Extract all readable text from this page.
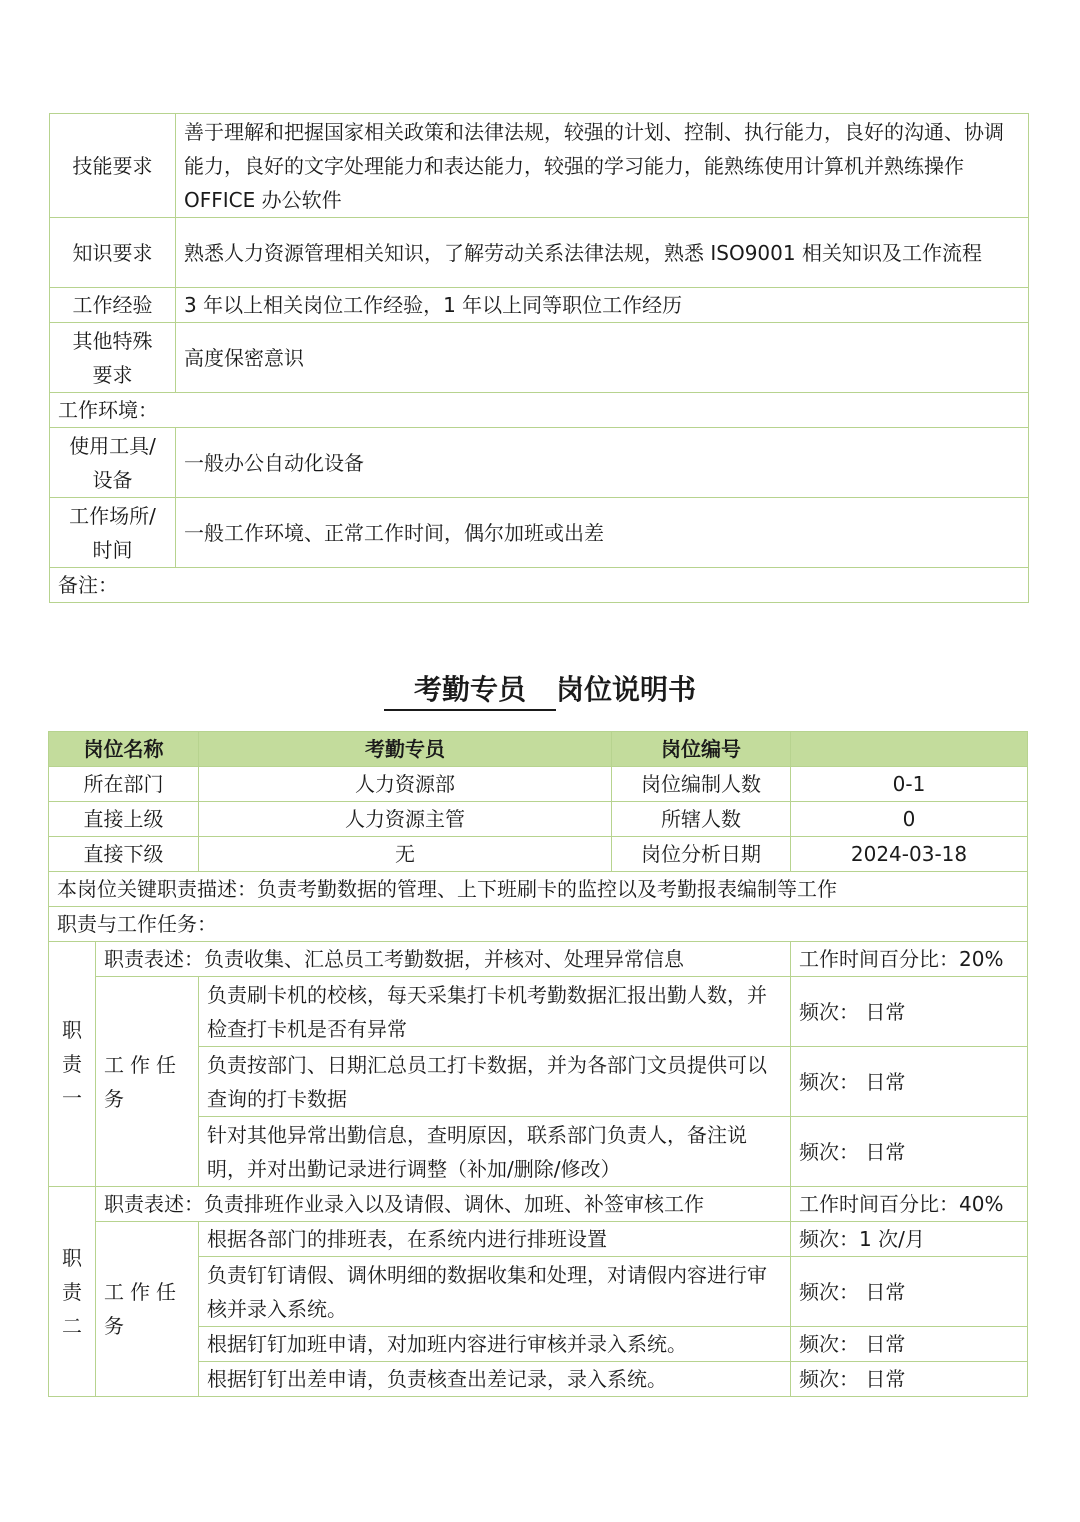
技能要求	善于理解和把握国家相关政策和法律法规，较强的计划、控制、执行能力，良好的沟通、协调能力，良好的文字处理能力和表达能力，较强的学习能力，能熟练使用计算机并熟练操作 OFFICE 办公软件
知识要求	熟悉人力资源管理相关知识，了解劳动关系法律法规，熟悉 ISO9001 相关知识及工作流程
工作经验	3 年以上相关岗位工作经验，1 年以上同等职位工作经历
其他特殊要求	高度保密意识
工作环境：	
使用工具/设备	一般办公自动化设备
工作场所/时间	一般工作环境、正常工作时间，偶尔加班或出差
备注：	
考勤专员 岗位说明书
岗位名称		考勤专员	岗位编号	
所在部门		人力资源部	岗位编制人数	0-1
直接上级		人力资源主管	所辖人数	0
直接下级		无	岗位分析日期	2024-03-18
本岗位关键职责描述：负责考勤数据的管理、上下班刷卡的监控以及考勤报表编制等工作				
职责与工作任务：				

职责一	职责表述：负责收集、汇总员工考勤数据，并核对、处理异常信息			工作时间百分比：20%
	工作任务	负责刷卡机的校核，每天采集打卡机考勤数据汇报出勤人数，并检查打卡机是否有异常		频次： 日常
		负责按部门、日期汇总员工打卡数据，并为各部门文员提供可以查询的打卡数据		频次： 日常
		针对其他异常出勤信息，查明原因，联系部门负责人，备注说明，并对出勤记录进行调整（补加/删除/修改）		频次： 日常

职责二	职责表述：负责排班作业录入以及请假、调休、加班、补签审核工作			工作时间百分比：40%
	工作任务	根据各部门的排班表，在系统内进行排班设置		频次：1 次/月
		负责钉钉请假、调休明细的数据收集和处理，对请假内容进行审核并录入系统。		频次： 日常
		根据钉钉加班申请，对加班内容进行审核并录入系统。		频次： 日常
		根据钉钉出差申请，负责核查出差记录，录入系统。		频次： 日常
